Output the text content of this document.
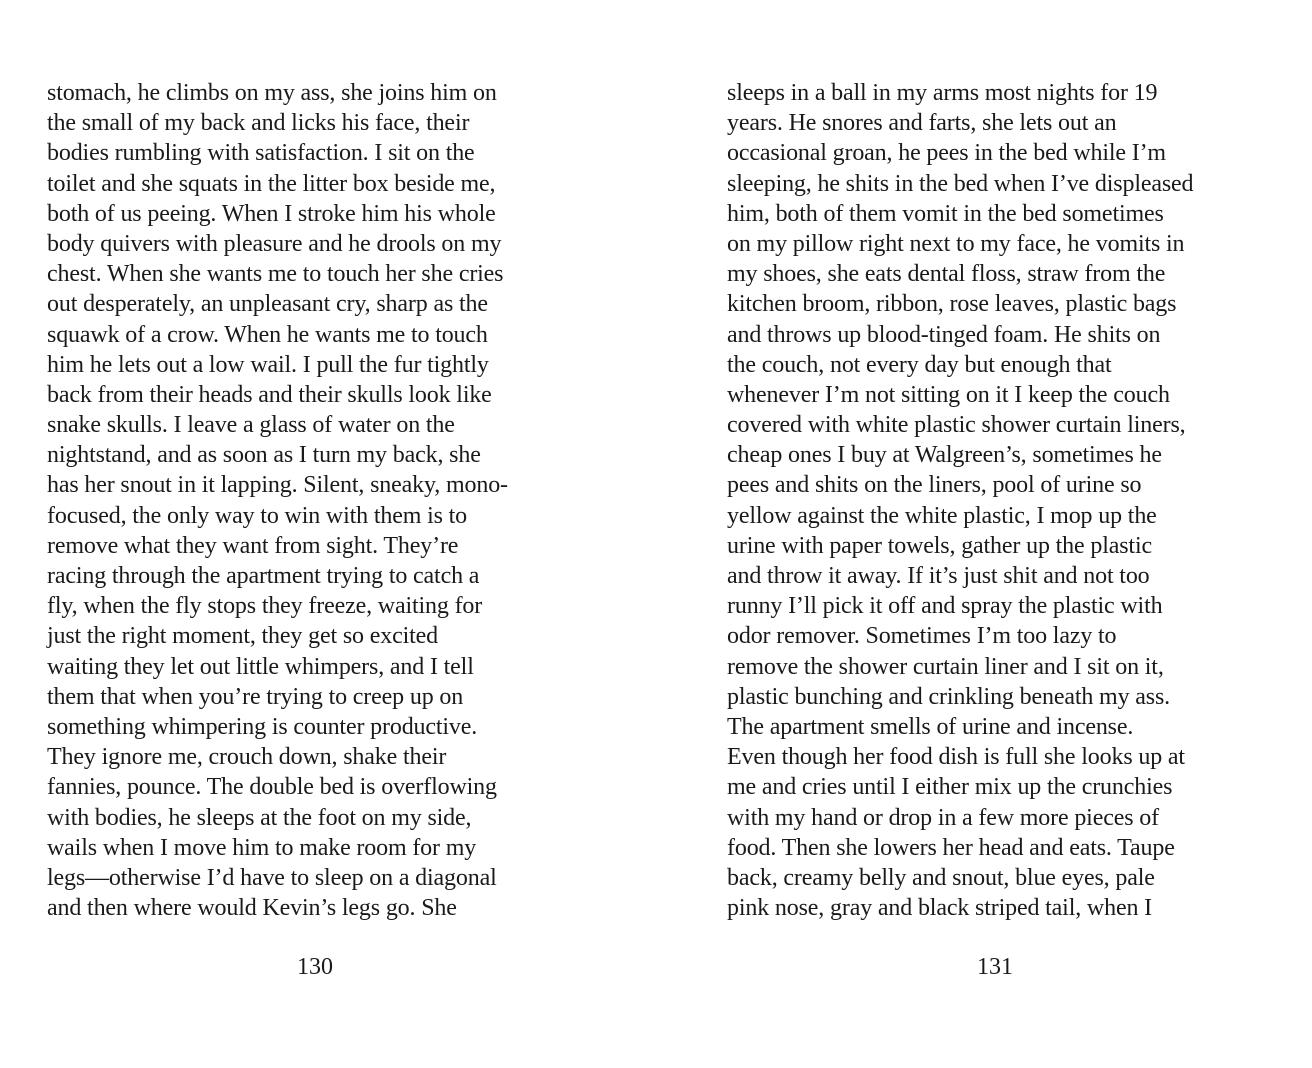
stomach, he climbs on my ass, she joins him on
the small of my back and licks his face, their
bodies rumbling with satisfaction. I sit on the
toilet and she squats in the litter box beside me,
both of us peeing. When I stroke him his whole
body quivers with pleasure and he drools on my
chest. When she wants me to touch her she cries
out desperately, an unpleasant cry, sharp as the
squawk of a crow. When he wants me to touch
him he lets out a low wail. I pull the fur tightly
back from their heads and their skulls look like
snake skulls. I leave a glass of water on the
nightstand, and as soon as I turn my back, she
has her snout in it lapping. Silent, sneaky, mono-
focused, the only way to win with them is to
remove what they want from sight. They’re
racing through the apartment trying to catch a
fly, when the fly stops they freeze, waiting for
just the right moment, they get so excited
waiting they let out little whimpers, and I tell
them that when you’re trying to creep up on
something whimpering is counter productive.
They ignore me, crouch down, shake their
fannies, pounce. The double bed is overflowing
with bodies, he sleeps at the foot on my side,
wails when I move him to make room for my
legs—otherwise I’d have to sleep on a diagonal
and then where would Kevin’s legs go. She
130
sleeps in a ball in my arms most nights for 19
years. He snores and farts, she lets out an
occasional groan, he pees in the bed while I’m
sleeping, he shits in the bed when I’ve displeased
him, both of them vomit in the bed sometimes
on my pillow right next to my face, he vomits in
my shoes, she eats dental floss, straw from the
kitchen broom, ribbon, rose leaves, plastic bags
and throws up blood-tinged foam. He shits on
the couch, not every day but enough that
whenever I’m not sitting on it I keep the couch
covered with white plastic shower curtain liners,
cheap ones I buy at Walgreen’s, sometimes he
pees and shits on the liners, pool of urine so
yellow against the white plastic, I mop up the
urine with paper towels, gather up the plastic
and throw it away. If it’s just shit and not too
runny I’ll pick it off and spray the plastic with
odor remover. Sometimes I’m too lazy to
remove the shower curtain liner and I sit on it,
plastic bunching and crinkling beneath my ass.
The apartment smells of urine and incense.
Even though her food dish is full she looks up at
me and cries until I either mix up the crunchies
with my hand or drop in a few more pieces of
food. Then she lowers her head and eats. Taupe
back, creamy belly and snout, blue eyes, pale
pink nose, gray and black striped tail, when I
131
